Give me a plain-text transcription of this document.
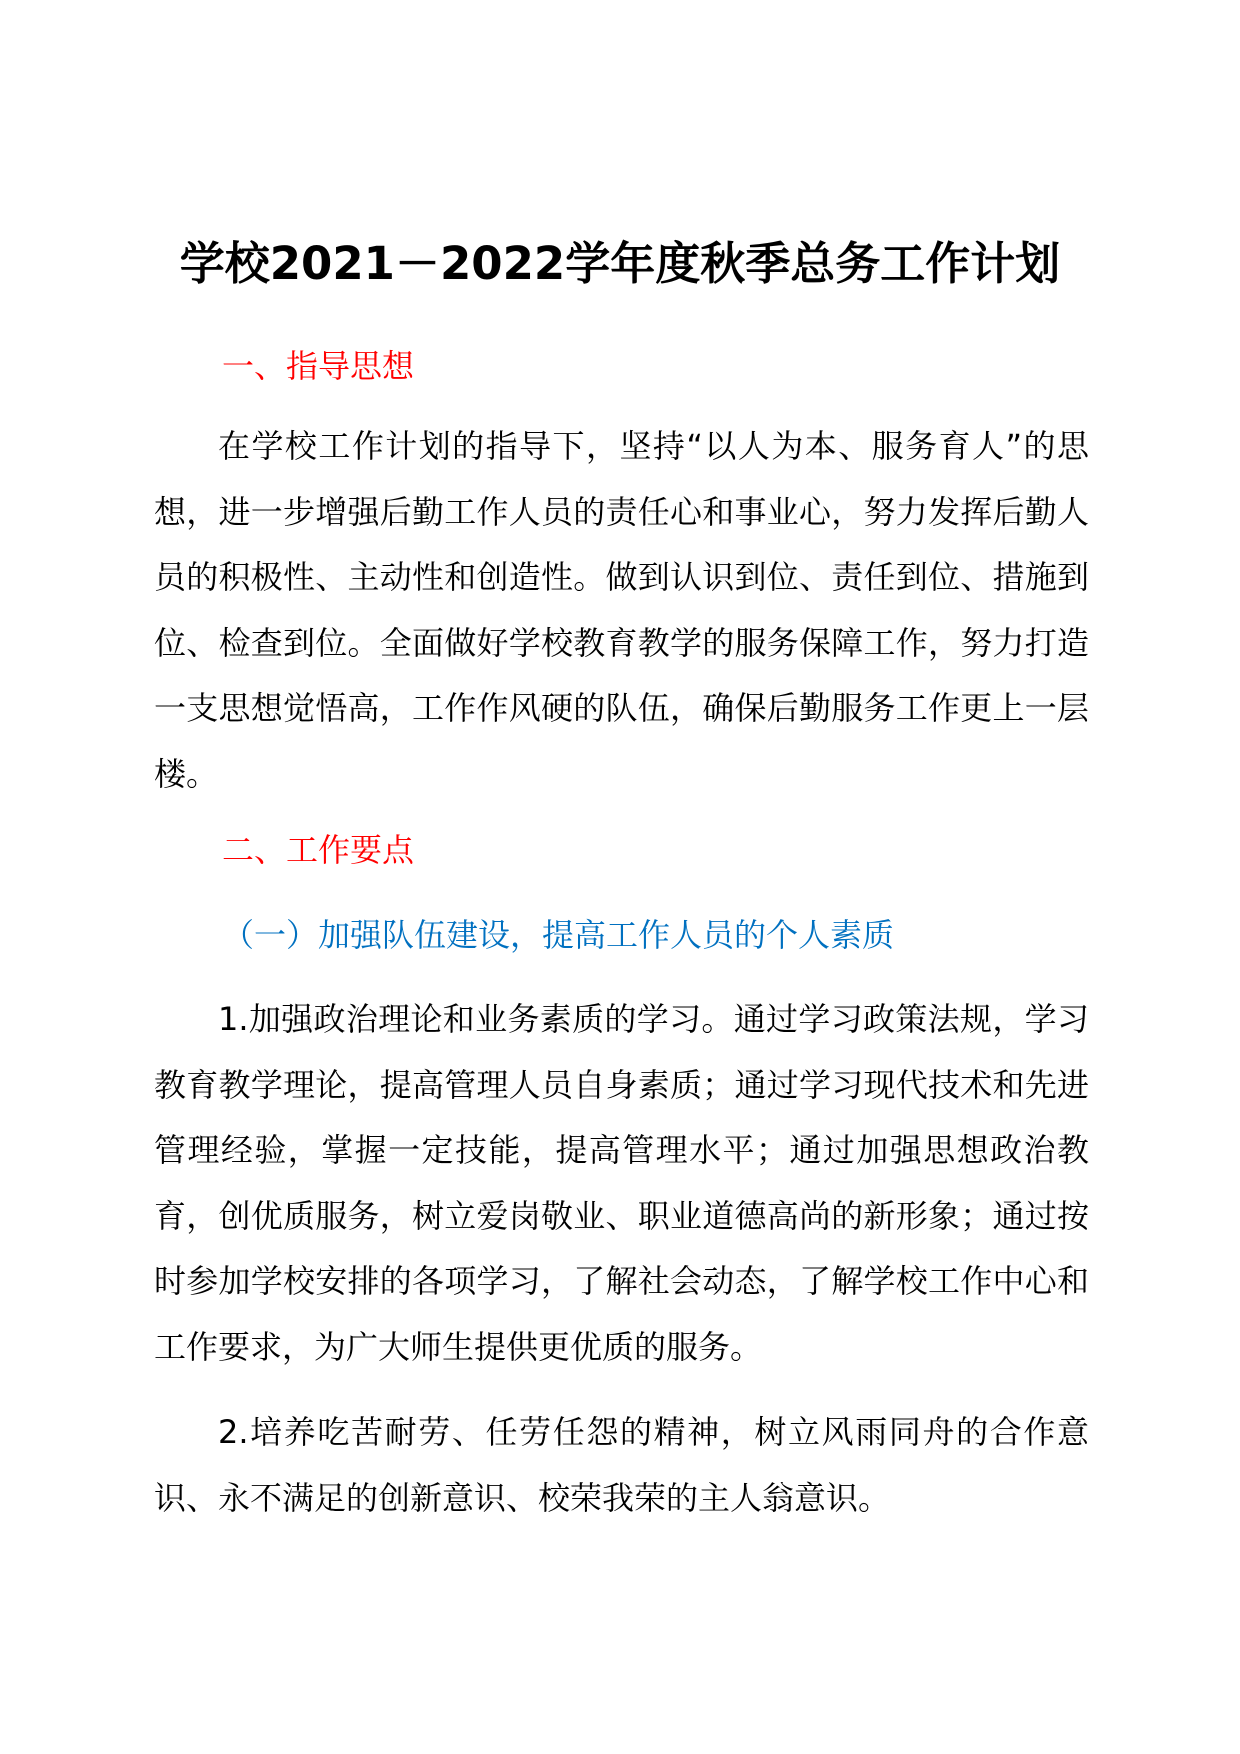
学校2021－2022学年度秋季总务工作计划
一、指导思想

在学校工作计划的指导下，坚持“以人为本、服务育人”的思想，进一步增强后勤工作人员的责任心和事业心，努力发挥后勤人员的积极性、主动性和创造性。做到认识到位、责任到位、措施到位、检查到位。全面做好学校教育教学的服务保障工作，努力打造一支思想觉悟高，工作作风硬的队伍，确保后勤服务工作更上一层楼。

二、工作要点
（一）加强队伍建设，提高工作人员的个人素质

1.加强政治理论和业务素质的学习。通过学习政策法规，学习教育教学理论，提高管理人员自身素质；通过学习现代技术和先进管理经验，掌握一定技能，提高管理水平；通过加强思想政治教育，创优质服务，树立爱岗敬业、职业道德高尚的新形象；通过按时参加学校安排的各项学习，了解社会动态，了解学校工作中心和工作要求，为广大师生提供更优质的服务。

2.培养吃苦耐劳、任劳任怨的精神，树立风雨同舟的合作意识、永不满足的创新意识、校荣我荣的主人翁意识。
